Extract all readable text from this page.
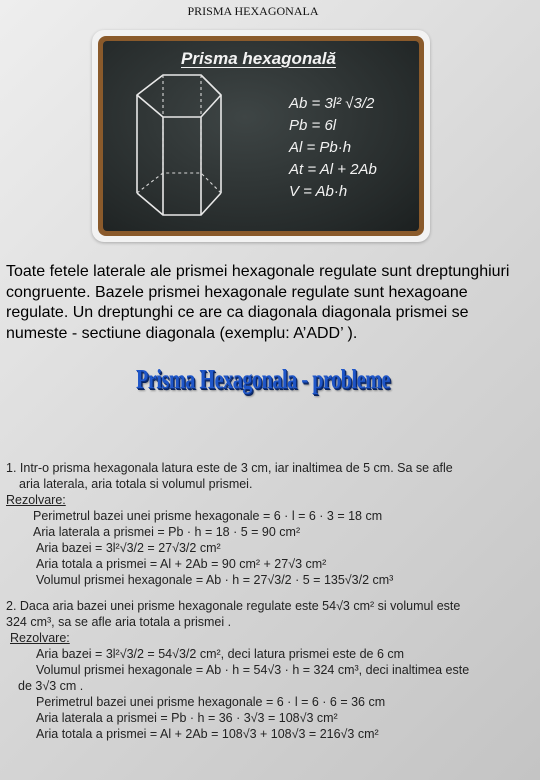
PRISMA HEXAGONALA
Prisma hexagonală
Ab = 3l² √3/2
Pb = 6l
Al = Pb·h
At = Al + 2Ab
V = Ab·h
Toate fetele laterale ale prismei hexagonale regulate sunt dreptunghiuri congruente. Bazele prismei hexagonale regulate sunt hexagoane regulate. Un dreptunghi ce are ca diagonala diagonala prismei se numeste - sectiune diagonala (exemplu: A’ADD’ ).
Prisma Hexagonala - probleme
1. Intr-o prisma hexagonala latura este de 3 cm, iar inaltimea de 5 cm. Sa se afle
aria laterala, aria totala si volumul prismei.
Rezolvare:
Perimetrul bazei unei prisme hexagonale = 6 · l = 6 · 3 = 18 cm
Aria laterala a prismei = Pb · h = 18 · 5 = 90 cm²
Aria bazei = 3l²√3/2 = 27√3/2 cm²
Aria totala a prismei = Al + 2Ab = 90 cm² + 27√3 cm²
Volumul prismei hexagonale = Ab · h = 27√3/2 · 5 = 135√3/2 cm³
2. Daca aria bazei unei prisme hexagonale regulate este 54√3 cm² si volumul este
324 cm³, sa se afle aria totala a prismei .
Rezolvare:
Aria bazei = 3l²√3/2 = 54√3/2 cm², deci latura prismei este de 6 cm
Volumul prismei hexagonale = Ab · h = 54√3 · h = 324 cm³, deci inaltimea este
de 3√3 cm .
Perimetrul bazei unei prisme hexagonale = 6 · l = 6 · 6 = 36 cm
Aria laterala a prismei = Pb · h = 36 · 3√3 = 108√3 cm²
Aria totala a prismei = Al + 2Ab = 108√3 + 108√3 = 216√3 cm²
